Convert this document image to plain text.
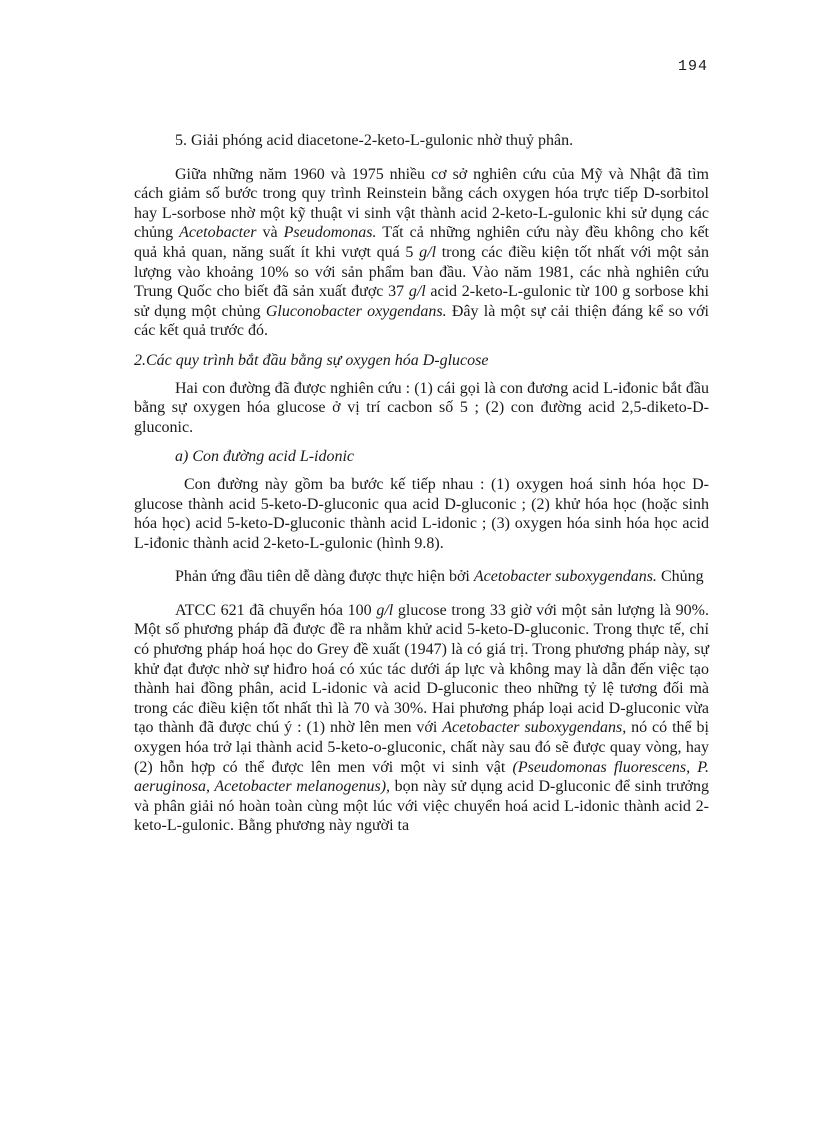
194

5. Giải phóng acid diacetone-2-keto-L-gulonic nhờ thuỷ phân.

Giữa những năm 1960 và 1975 nhiều cơ sở nghiên cứu của Mỹ và Nhật đã tìm cách giảm số bước trong quy trình Reinstein bằng cách oxygen hóa trực tiếp D-sorbitol hay L-sorbose nhờ một kỹ thuật vi sinh vật thành acid 2-keto-L-gulonic khi sử dụng các chủng Acetobacter và Pseudomonas. Tất cả những nghiên cứu này đều không cho kết quả khả quan, năng suất ít khi vượt quá 5 g/l trong các điều kiện tốt nhất với một sản lượng vào khoảng 10% so với sản phẩm ban đầu. Vào năm 1981, các nhà nghiên cứu Trung Quốc cho biết đã sản xuất được 37 g/l acid 2-keto-L-gulonic từ 100 g sorbose khi sử dụng một chủng Gluconobacter oxygendans. Đây là một sự cải thiện đáng kể so với các kết quả trước đó.

2.Các quy trình bắt đầu bằng sự oxygen hóa D-glucose

Hai con đường đã được nghiên cứu : (1) cái gọi là con đương acid L-iđonic bắt đầu bằng sự oxygen hóa glucose ở vị trí cacbon số 5 ; (2) con đường acid 2,5-diketo-D-gluconic.

a) Con đường acid L-idonic

Con đường này gồm ba bước kế tiếp nhau : (1) oxygen hoá sinh hóa học D-glucose thành acid 5-keto-D-gluconic qua acid D-gluconic ; (2) khử hóa học (hoặc sinh hóa học) acid 5-keto-D-gluconic thành acid L-idonic ; (3) oxygen hóa sinh hóa học acid L-iđonic thành acid 2-keto-L-gulonic (hình 9.8).

Phản ứng đầu tiên dễ dàng được thực hiện bởi Acetobacter suboxygendans. Chủng

ATCC 621 đã chuyển hóa 100 g/l glucose trong 33 giờ với một sản lượng là 90%. Một số phương pháp đã được đề ra nhằm khử acid 5-keto-D-gluconic. Trong thực tế, chỉ có phương pháp hoá học do Grey đề xuất (1947) là có giá trị. Trong phương pháp này, sự khử đạt được nhờ sự hiđro hoá có xúc tác dưới áp lực và không may là dẫn đến việc tạo thành hai đồng phân, acid L-idonic và acid D-gluconic theo những tỷ lệ tương đối mà trong các điều kiện tốt nhất thì là 70 và 30%. Hai phương pháp loại acid D-gluconic vừa tạo thành đã được chú ý : (1) nhờ lên men với Acetobacter suboxygendans, nó có thể bị oxygen hóa trở lại thành acid 5-keto-o-gluconic, chất này sau đó sẽ được quay vòng, hay (2) hỗn hợp có thể được lên men với một vi sinh vật (Pseudomonas fluorescens, P. aeruginosa, Acetobacter melanogenus), bọn này sử dụng acid D-gluconic để sinh trưởng và phân giải nó hoàn toàn cùng một lúc với việc chuyển hoá acid L-idonic thành acid 2-keto-L-gulonic. Bằng phương này người ta
